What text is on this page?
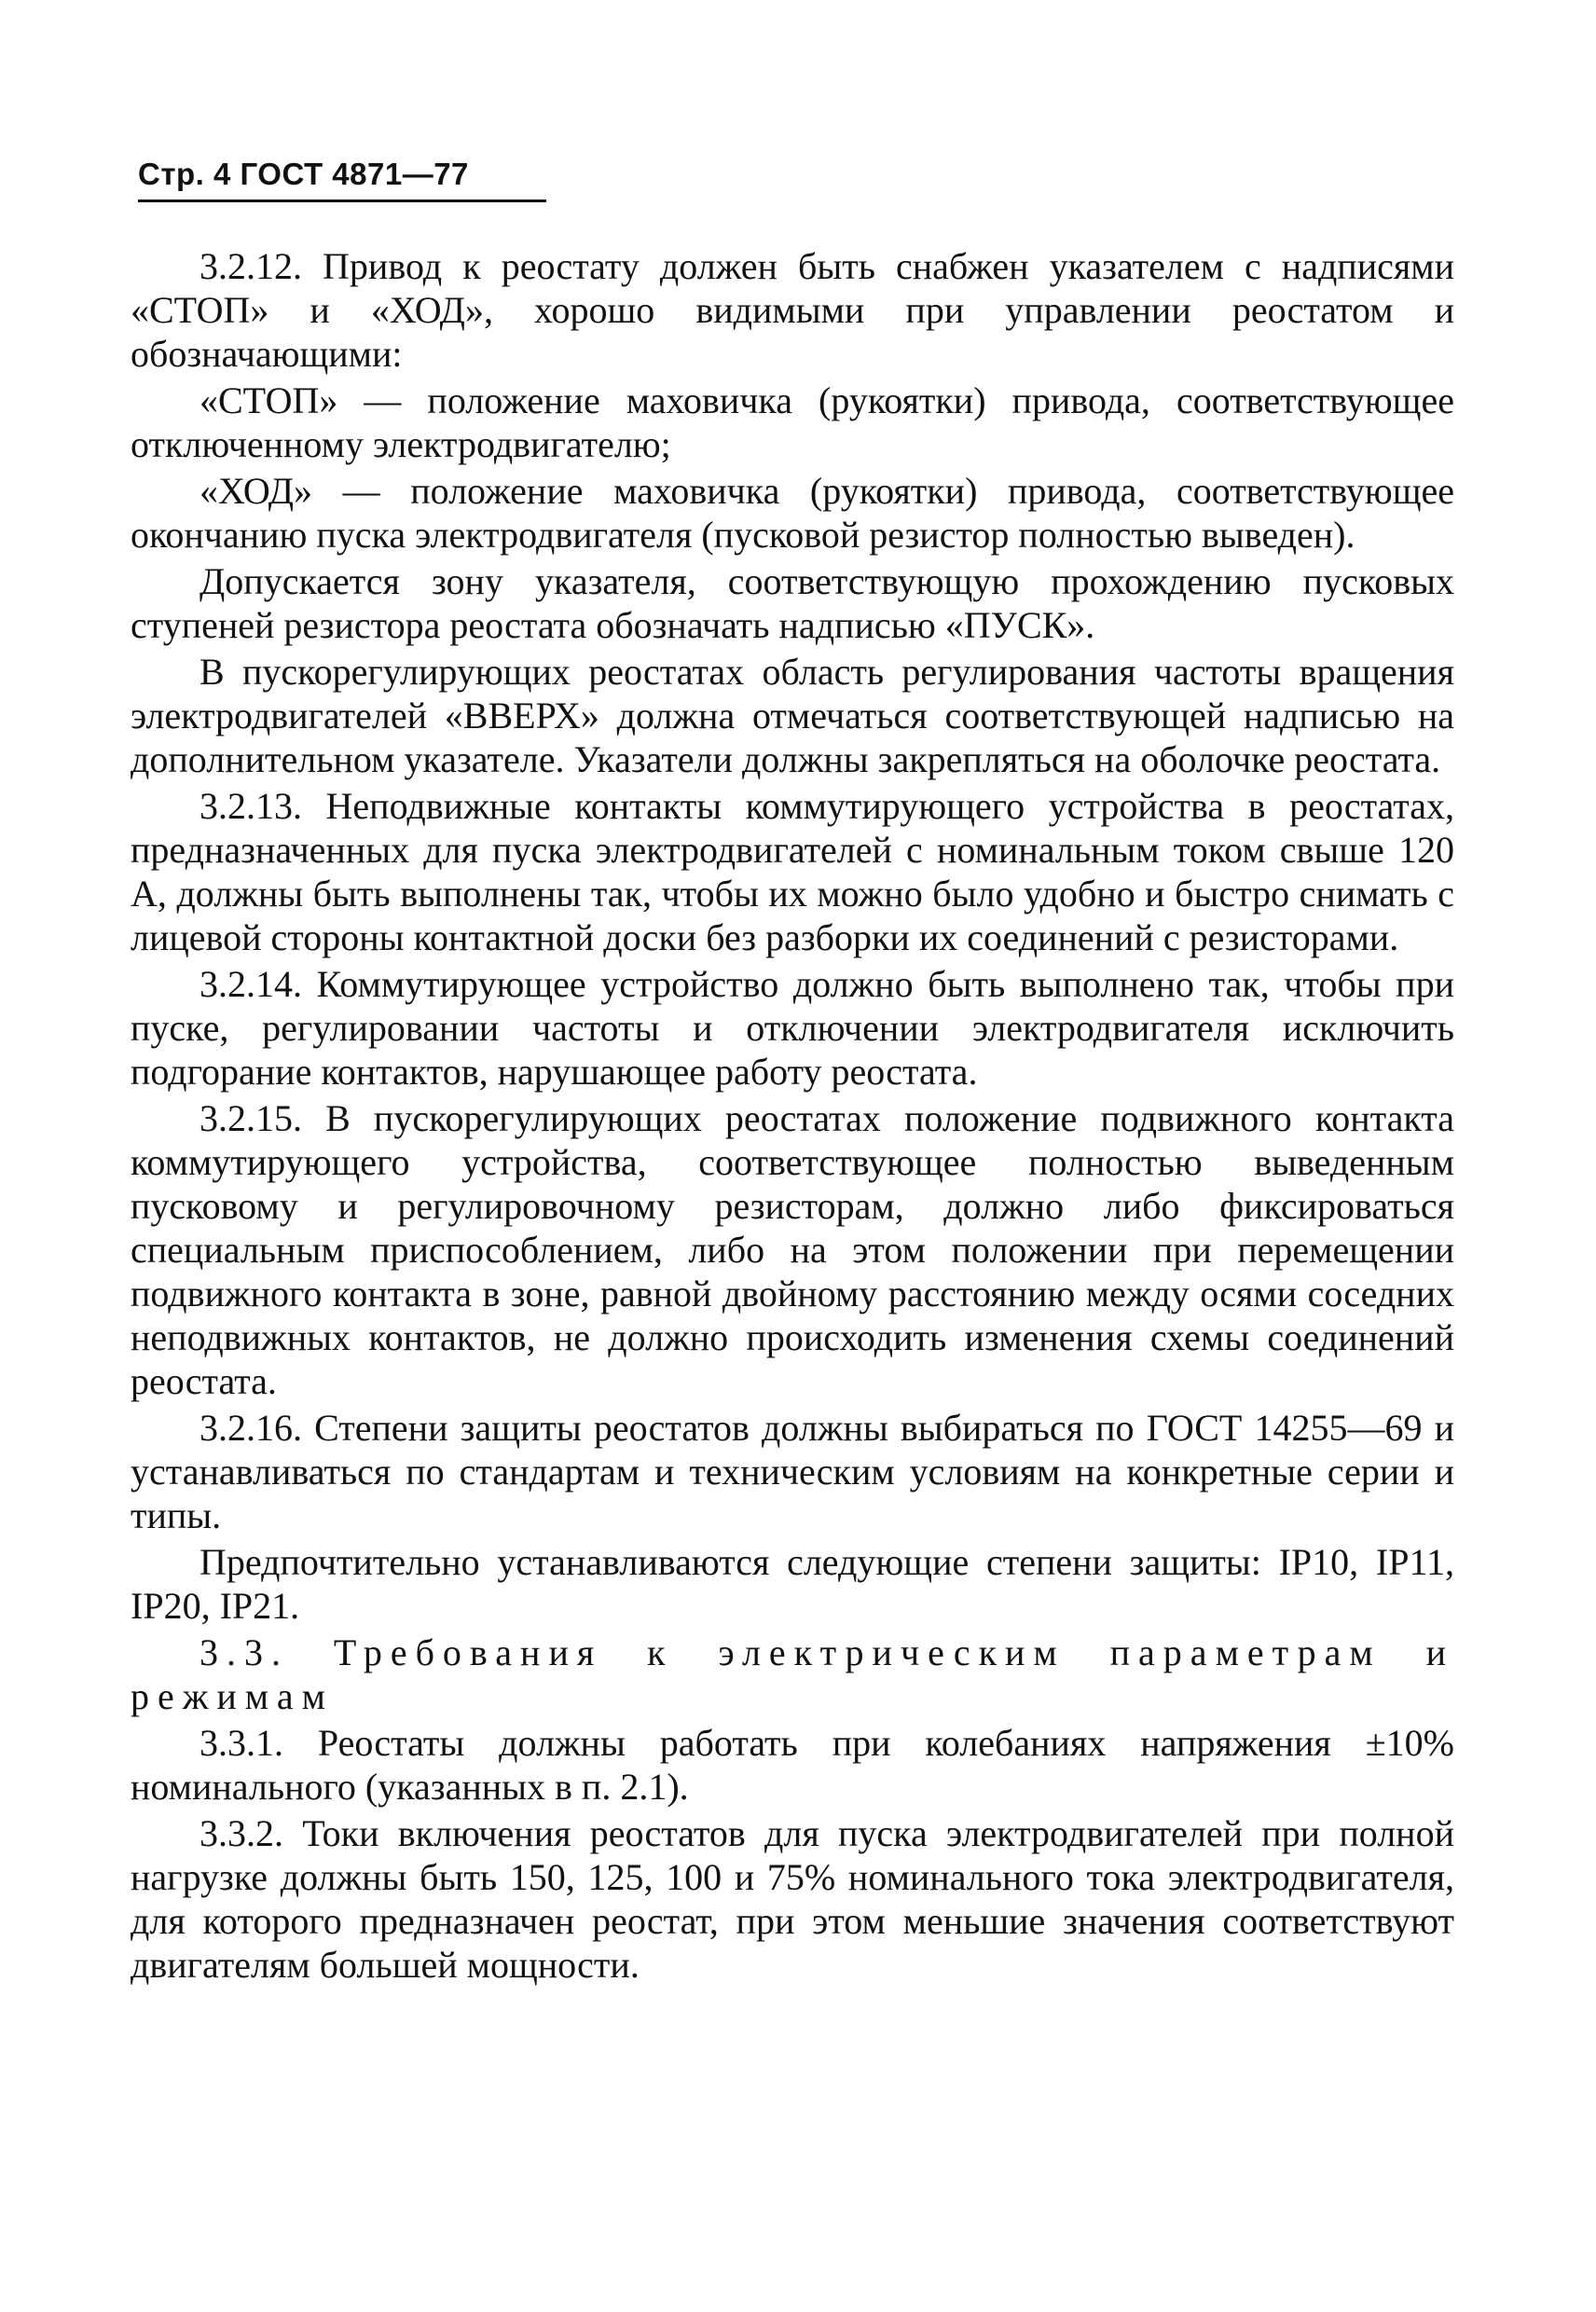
Стр. 4 ГОСТ 4871—77

3.2.12. Привод к реостату должен быть снабжен указателем с надписями «СТОП» и «ХОД», хорошо видимыми при управлении реостатом и обозначающими:

«СТОП» — положение маховичка (рукоятки) привода, соответствующее отключенному электродвигателю;

«ХОД» — положение маховичка (рукоятки) привода, соответствующее окончанию пуска электродвигателя (пусковой резистор полностью выведен).

Допускается зону указателя, соответствующую прохождению пусковых ступеней резистора реостата обозначать надписью «ПУСК».

В пускорегулирующих реостатах область регулирования частоты вращения электродвигателей «ВВЕРХ» должна отмечаться соответствующей надписью на дополнительном указателе. Указатели должны закрепляться на оболочке реостата.

3.2.13. Неподвижные контакты коммутирующего устройства в реостатах, предназначенных для пуска электродвигателей с номинальным током свыше 120 А, должны быть выполнены так, чтобы их можно было удобно и быстро снимать с лицевой стороны контактной доски без разборки их соединений с резисторами.

3.2.14. Коммутирующее устройство должно быть выполнено так, чтобы при пуске, регулировании частоты и отключении электродвигателя исключить подгорание контактов, нарушающее работу реостата.

3.2.15. В пускорегулирующих реостатах положение подвижного контакта коммутирующего устройства, соответствующее полностью выведенным пусковому и регулировочному резисторам, должно либо фиксироваться специальным приспособлением, либо на этом положении при перемещении подвижного контакта в зоне, равной двойному расстоянию между осями соседних неподвижных контактов, не должно происходить изменения схемы соединений реостата.

3.2.16. Степени защиты реостатов должны выбираться по ГОСТ 14255—69 и устанавливаться по стандартам и техническим условиям на конкретные серии и типы.

Предпочтительно устанавливаются следующие степени защиты: IP10, IP11, IP20, IP21.

3.3. Требования к электрическим параметрам и режимам

3.3.1. Реостаты должны работать при колебаниях напряжения ±10% номинального (указанных в п. 2.1).

3.3.2. Токи включения реостатов для пуска электродвигателей при полной нагрузке должны быть 150, 125, 100 и 75% номинального тока электродвигателя, для которого предназначен реостат, при этом меньшие значения соответствуют двигателям большей мощности.
